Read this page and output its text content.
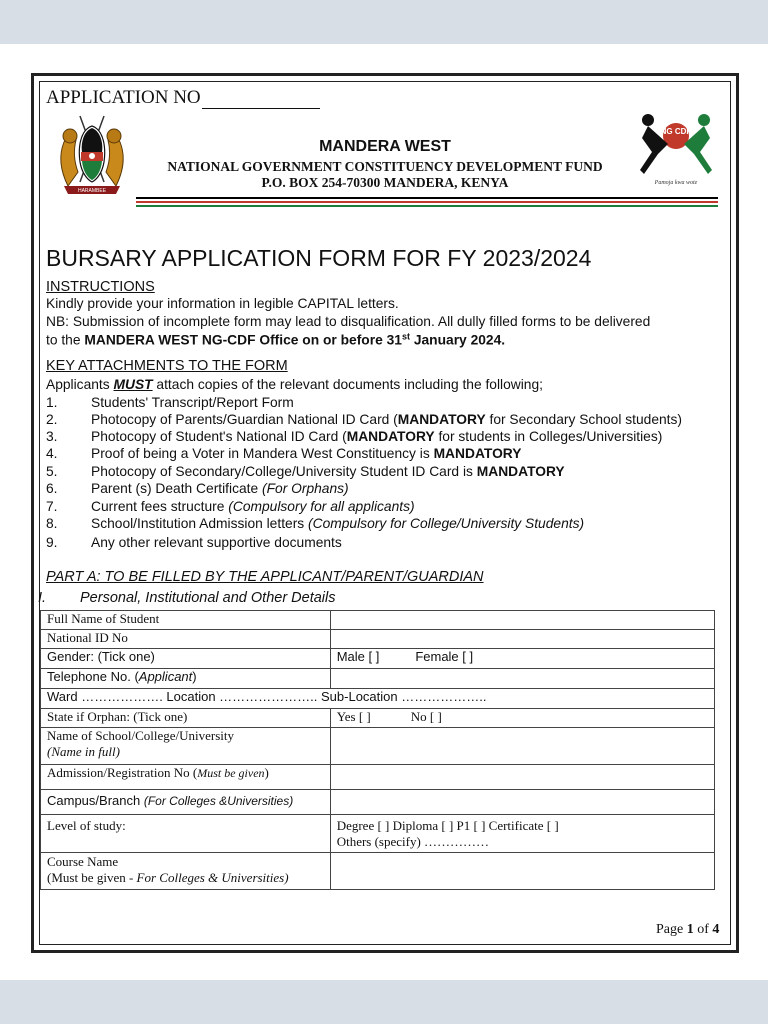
APPLICATION NO
HARAMBEE
MANDERA WEST
NATIONAL GOVERNMENT CONSTITUENCY DEVELOPMENT FUND
P.O. BOX 254-70300 MANDERA, KENYA
NG CDF
Pamoja kwa wote
BURSARY APPLICATION FORM FOR FY 2023/2024
INSTRUCTIONS
Kindly provide your information in legible CAPITAL letters.
NB: Submission of incomplete form may lead to disqualification. All dully filled forms to be delivered
to the MANDERA WEST NG-CDF Office on or before 31st January 2024.
KEY ATTACHMENTS TO THE FORM
Applicants MUST attach copies of the relevant documents including the following;
1. Students' Transcript/Report Form
2. Photocopy of Parents/Guardian National ID Card (MANDATORY for Secondary School students)
3. Photocopy of Student's National ID Card (MANDATORY for students in Colleges/Universities)
4. Proof of being a Voter in Mandera West Constituency is MANDATORY
5. Photocopy of Secondary/College/University Student ID Card is MANDATORY
6. Parent (s) Death Certificate (For Orphans)
7. Current fees structure (Compulsory for all applicants)
8. School/Institution Admission letters (Compulsory for College/University Students)
9. Any other relevant supportive documents
PART A: TO BE FILLED BY THE APPLICANT/PARENT/GUARDIAN
I. Personal, Institutional and Other Details
Full Name of Student	
National ID No	
Gender: (Tick one)	Male [ ] Female [ ]
Telephone No. (Applicant)	
Ward ………………. Location ………………….. Sub-Location ………………..	
State if Orphan: (Tick one)	Yes [ ] No [ ]

Name of School/College/University
(Name in full)	

Admission/Registration No (Must be given)	
Campus/Branch (For Colleges &Universities)	
Level of study:	Degree [ ] Diploma [ ] P1 [ ] Certificate [ ]
Others (specify) ……………

Course Name
(Must be given - For Colleges & Universities)	

Page 1 of 4
